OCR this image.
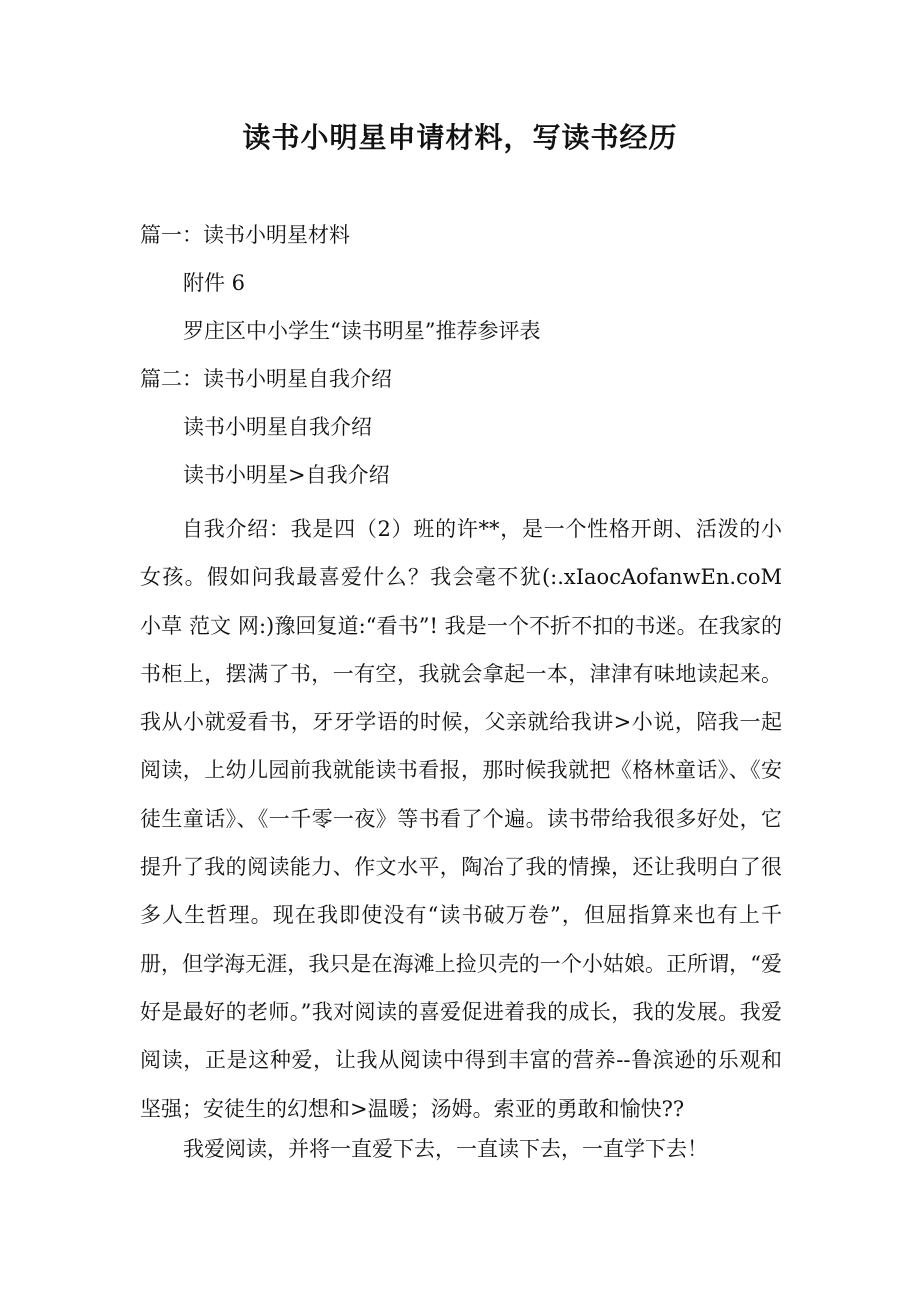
读书小明星申请材料，写读书经历
篇一：读书小明星材料
附件 6
罗庄区中小学生“读书明星”推荐参评表
篇二：读书小明星自我介绍
读书小明星自我介绍
读书小明星>自我介绍
自我介绍：我是四（2）班的许**，是一个性格开朗、活泼的小女孩。假如问我最喜爱什么？我会毫不犹(:.xIaocAofanwEn.coM 小草 范文 网:)豫回复道:“看书”! 我是一个不折不扣的书迷。在我家的书柜上，摆满了书，一有空，我就会拿起一本，津津有味地读起来。我从小就爱看书，牙牙学语的时候，父亲就给我讲>小说，陪我一起阅读，上幼儿园前我就能读书看报，那时候我就把《格林童话》、《安徒生童话》、《一千零一夜》等书看了个遍。读书带给我很多好处，它提升了我的阅读能力、作文水平，陶冶了我的情操，还让我明白了很多人生哲理。现在我即使没有“读书破万卷”，但屈指算来也有上千册，但学海无涯，我只是在海滩上捡贝壳的一个小姑娘。正所谓，“爱好是最好的老师。”我对阅读的喜爱促进着我的成长，我的发展。我爱阅读，正是这种爱，让我从阅读中得到丰富的营养--鲁滨逊的乐观和坚强；安徒生的幻想和>温暖；汤姆。索亚的勇敢和愉快??
我爱阅读，并将一直爱下去，一直读下去，一直学下去！
